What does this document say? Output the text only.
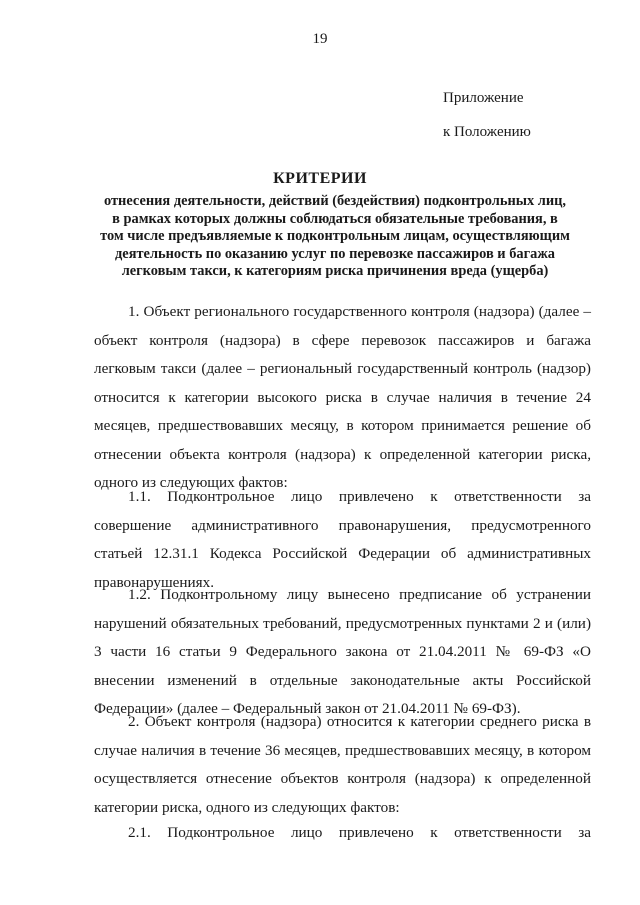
19
Приложение
к Положению
КРИТЕРИИ
отнесения деятельности, действий (бездействия) подконтрольных лиц, в рамках которых должны соблюдаться обязательные требования, в том числе предъявляемые к подконтрольным лицам, осуществляющим деятельность по оказанию услуг по перевозке пассажиров и багажа легковым такси, к категориям риска причинения вреда (ущерба)

1. Объект регионального государственного контроля (надзора) (далее – объект контроля (надзора) в сфере перевозок пассажиров и багажа легковым такси (далее – региональный государственный контроль (надзор) относится к категории высокого риска в случае наличия в течение 24 месяцев, предшествовавших месяцу, в котором принимается решение об отнесении объекта контроля (надзора) к определенной категории риска, одного из следующих фактов:

1.1. Подконтрольное лицо привлечено к ответственности за совершение административного правонарушения, предусмотренного статьей 12.31.1 Кодекса Российской Федерации об административных правонарушениях.

1.2. Подконтрольному лицу вынесено предписание об устранении нарушений обязательных требований, предусмотренных пунктами 2 и (или) 3 части 16 статьи 9 Федерального закона от 21.04.2011 № 69-ФЗ «О внесении изменений в отдельные законодательные акты Российской Федерации» (далее – Федеральный закон от 21.04.2011 № 69-ФЗ).

2. Объект контроля (надзора) относится к категории среднего риска в случае наличия в течение 36 месяцев, предшествовавших месяцу, в котором осуществляется отнесение объектов контроля (надзора) к определенной категории риска, одного из следующих фактов:

2.1. Подконтрольное лицо привлечено к ответственности за
